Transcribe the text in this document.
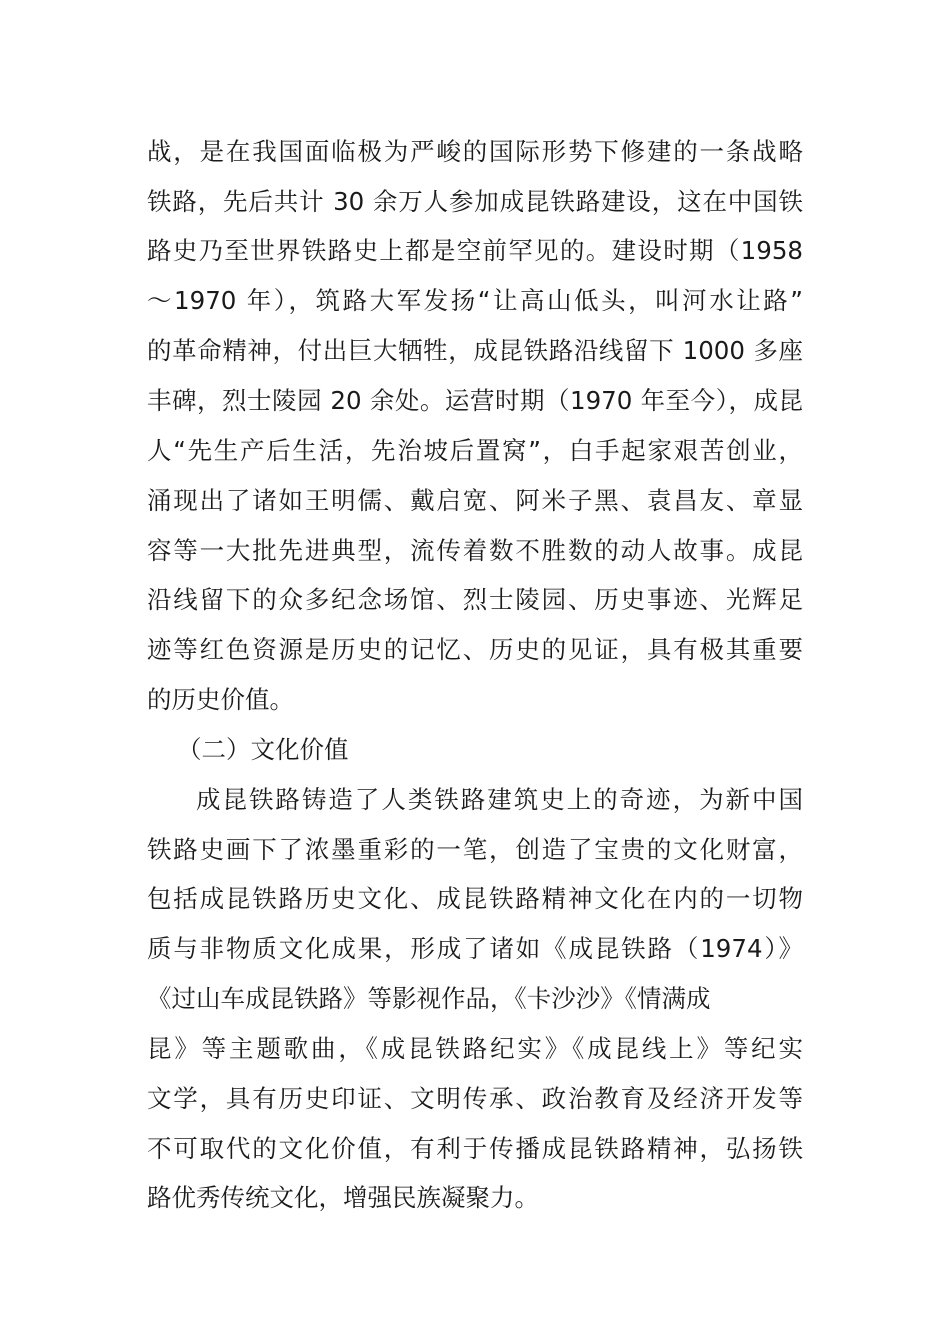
战，是在我国面临极为严峻的国际形势下修建的一条战略
铁路，先后共计 30 余万人参加成昆铁路建设，这在中国铁
路史乃至世界铁路史上都是空前罕见的。建设时期（1958
～1970 年），筑路大军发扬“让高山低头，叫河水让路”
的革命精神，付出巨大牺牲，成昆铁路沿线留下 1000 多座
丰碑，烈士陵园 20 余处。运营时期（1970 年至今），成昆
人“先生产后生活，先治坡后置窝”，白手起家艰苦创业，
涌现出了诸如王明儒、戴启宽、阿米子黑、袁昌友、章显
容等一大批先进典型，流传着数不胜数的动人故事。成昆
沿线留下的众多纪念场馆、烈士陵园、历史事迹、光辉足
迹等红色资源是历史的记忆、历史的见证，具有极其重要
的历史价值。
（二）文化价值
成昆铁路铸造了人类铁路建筑史上的奇迹，为新中国
铁路史画下了浓墨重彩的一笔，创造了宝贵的文化财富，
包括成昆铁路历史文化、成昆铁路精神文化在内的一切物
质与非物质文化成果，形成了诸如《成昆铁路（1974）》
《过山车成昆铁路》等影视作品，《卡沙沙》《情满成
昆》等主题歌曲，《成昆铁路纪实》《成昆线上》等纪实
文学，具有历史印证、文明传承、政治教育及经济开发等
不可取代的文化价值，有利于传播成昆铁路精神，弘扬铁
路优秀传统文化，增强民族凝聚力。
